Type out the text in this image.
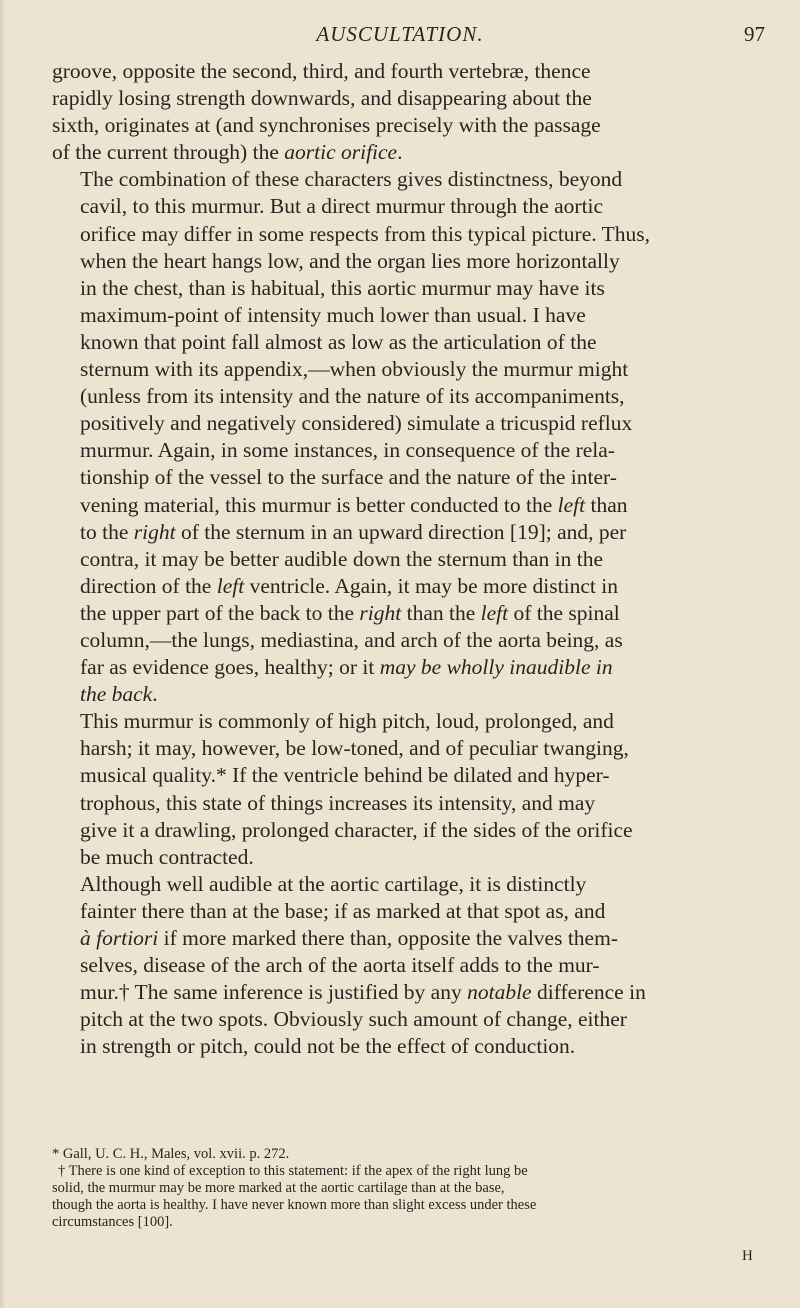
AUSCULTATION.	97

groove, opposite the second, third, and fourth vertebræ, thence
rapidly losing strength downwards, and disappearing about the
sixth, originates at (and synchronises precisely with the passage
of the current through) the aortic orifice.

The combination of these characters gives distinctness, beyond
cavil, to this murmur. But a direct murmur through the aortic
orifice may differ in some respects from this typical picture. Thus,
when the heart hangs low, and the organ lies more horizontally
in the chest, than is habitual, this aortic murmur may have its
maximum-point of intensity much lower than usual. I have
known that point fall almost as low as the articulation of the
sternum with its appendix,—when obviously the murmur might
(unless from its intensity and the nature of its accompaniments,
positively and negatively considered) simulate a tricuspid reflux
murmur. Again, in some instances, in consequence of the rela-
tionship of the vessel to the surface and the nature of the inter-
vening material, this murmur is better conducted to the left than
to the right of the sternum in an upward direction [19]; and, per
contra, it may be better audible down the sternum than in the
direction of the left ventricle. Again, it may be more distinct in
the upper part of the back to the right than the left of the spinal
column,—the lungs, mediastina, and arch of the aorta being, as
far as evidence goes, healthy; or it may be wholly inaudible in
the back.

This murmur is commonly of high pitch, loud, prolonged, and
harsh; it may, however, be low-toned, and of peculiar twanging,
musical quality.* If the ventricle behind be dilated and hyper-
trophous, this state of things increases its intensity, and may
give it a drawling, prolonged character, if the sides of the orifice
be much contracted.

Although well audible at the aortic cartilage, it is distinctly
fainter there than at the base; if as marked at that spot as, and
à fortiori if more marked there than, opposite the valves them-
selves, disease of the arch of the aorta itself adds to the mur-
mur.† The same inference is justified by any notable difference in
pitch at the two spots. Obviously such amount of change, either
in strength or pitch, could not be the effect of conduction.

* Gall, U. C. H., Males, vol. xvii. p. 272.

† There is one kind of exception to this statement: if the apex of the right lung be

solid, the murmur may be more marked at the aortic cartilage than at the base,

though the aorta is healthy. I have never known more than slight excess under these

circumstances [100].

H
